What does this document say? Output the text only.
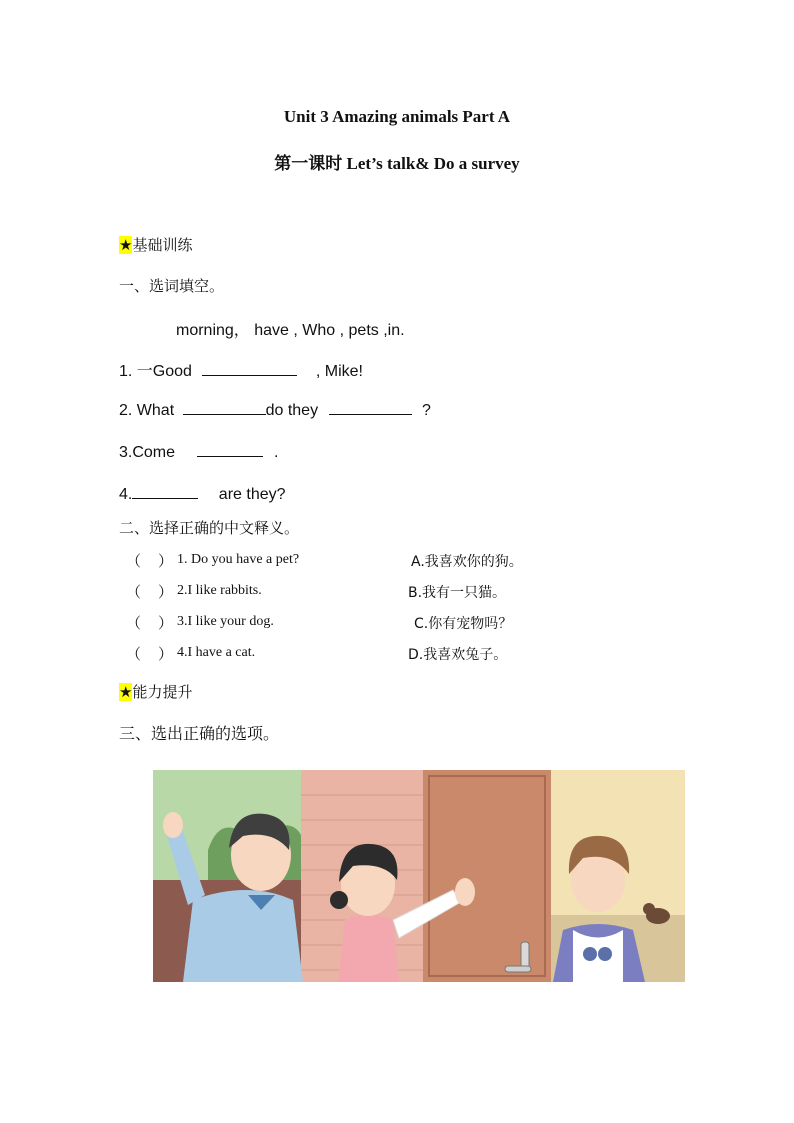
Unit 3 Amazing animals Part A
第一课时 Let’s talk& Do a survey
★基础训练
一、选词填空。
morning， have , Who , pets ,in.
1. 一Good	, Mike!
2. What	do they	?
3.Come	.
4.	are they?
二、选择正确的中文释义。
（ ） 1. Do you have a pet?	A.我喜欢你的狗。
（ ） 2.I like rabbits.	B.我有一只猫。
（ ） 3.I like your dog.	C.你有宠物吗？
（ ） 4.I have a cat.	D.我喜欢兔子。
★能力提升
三、选出正确的选项。
